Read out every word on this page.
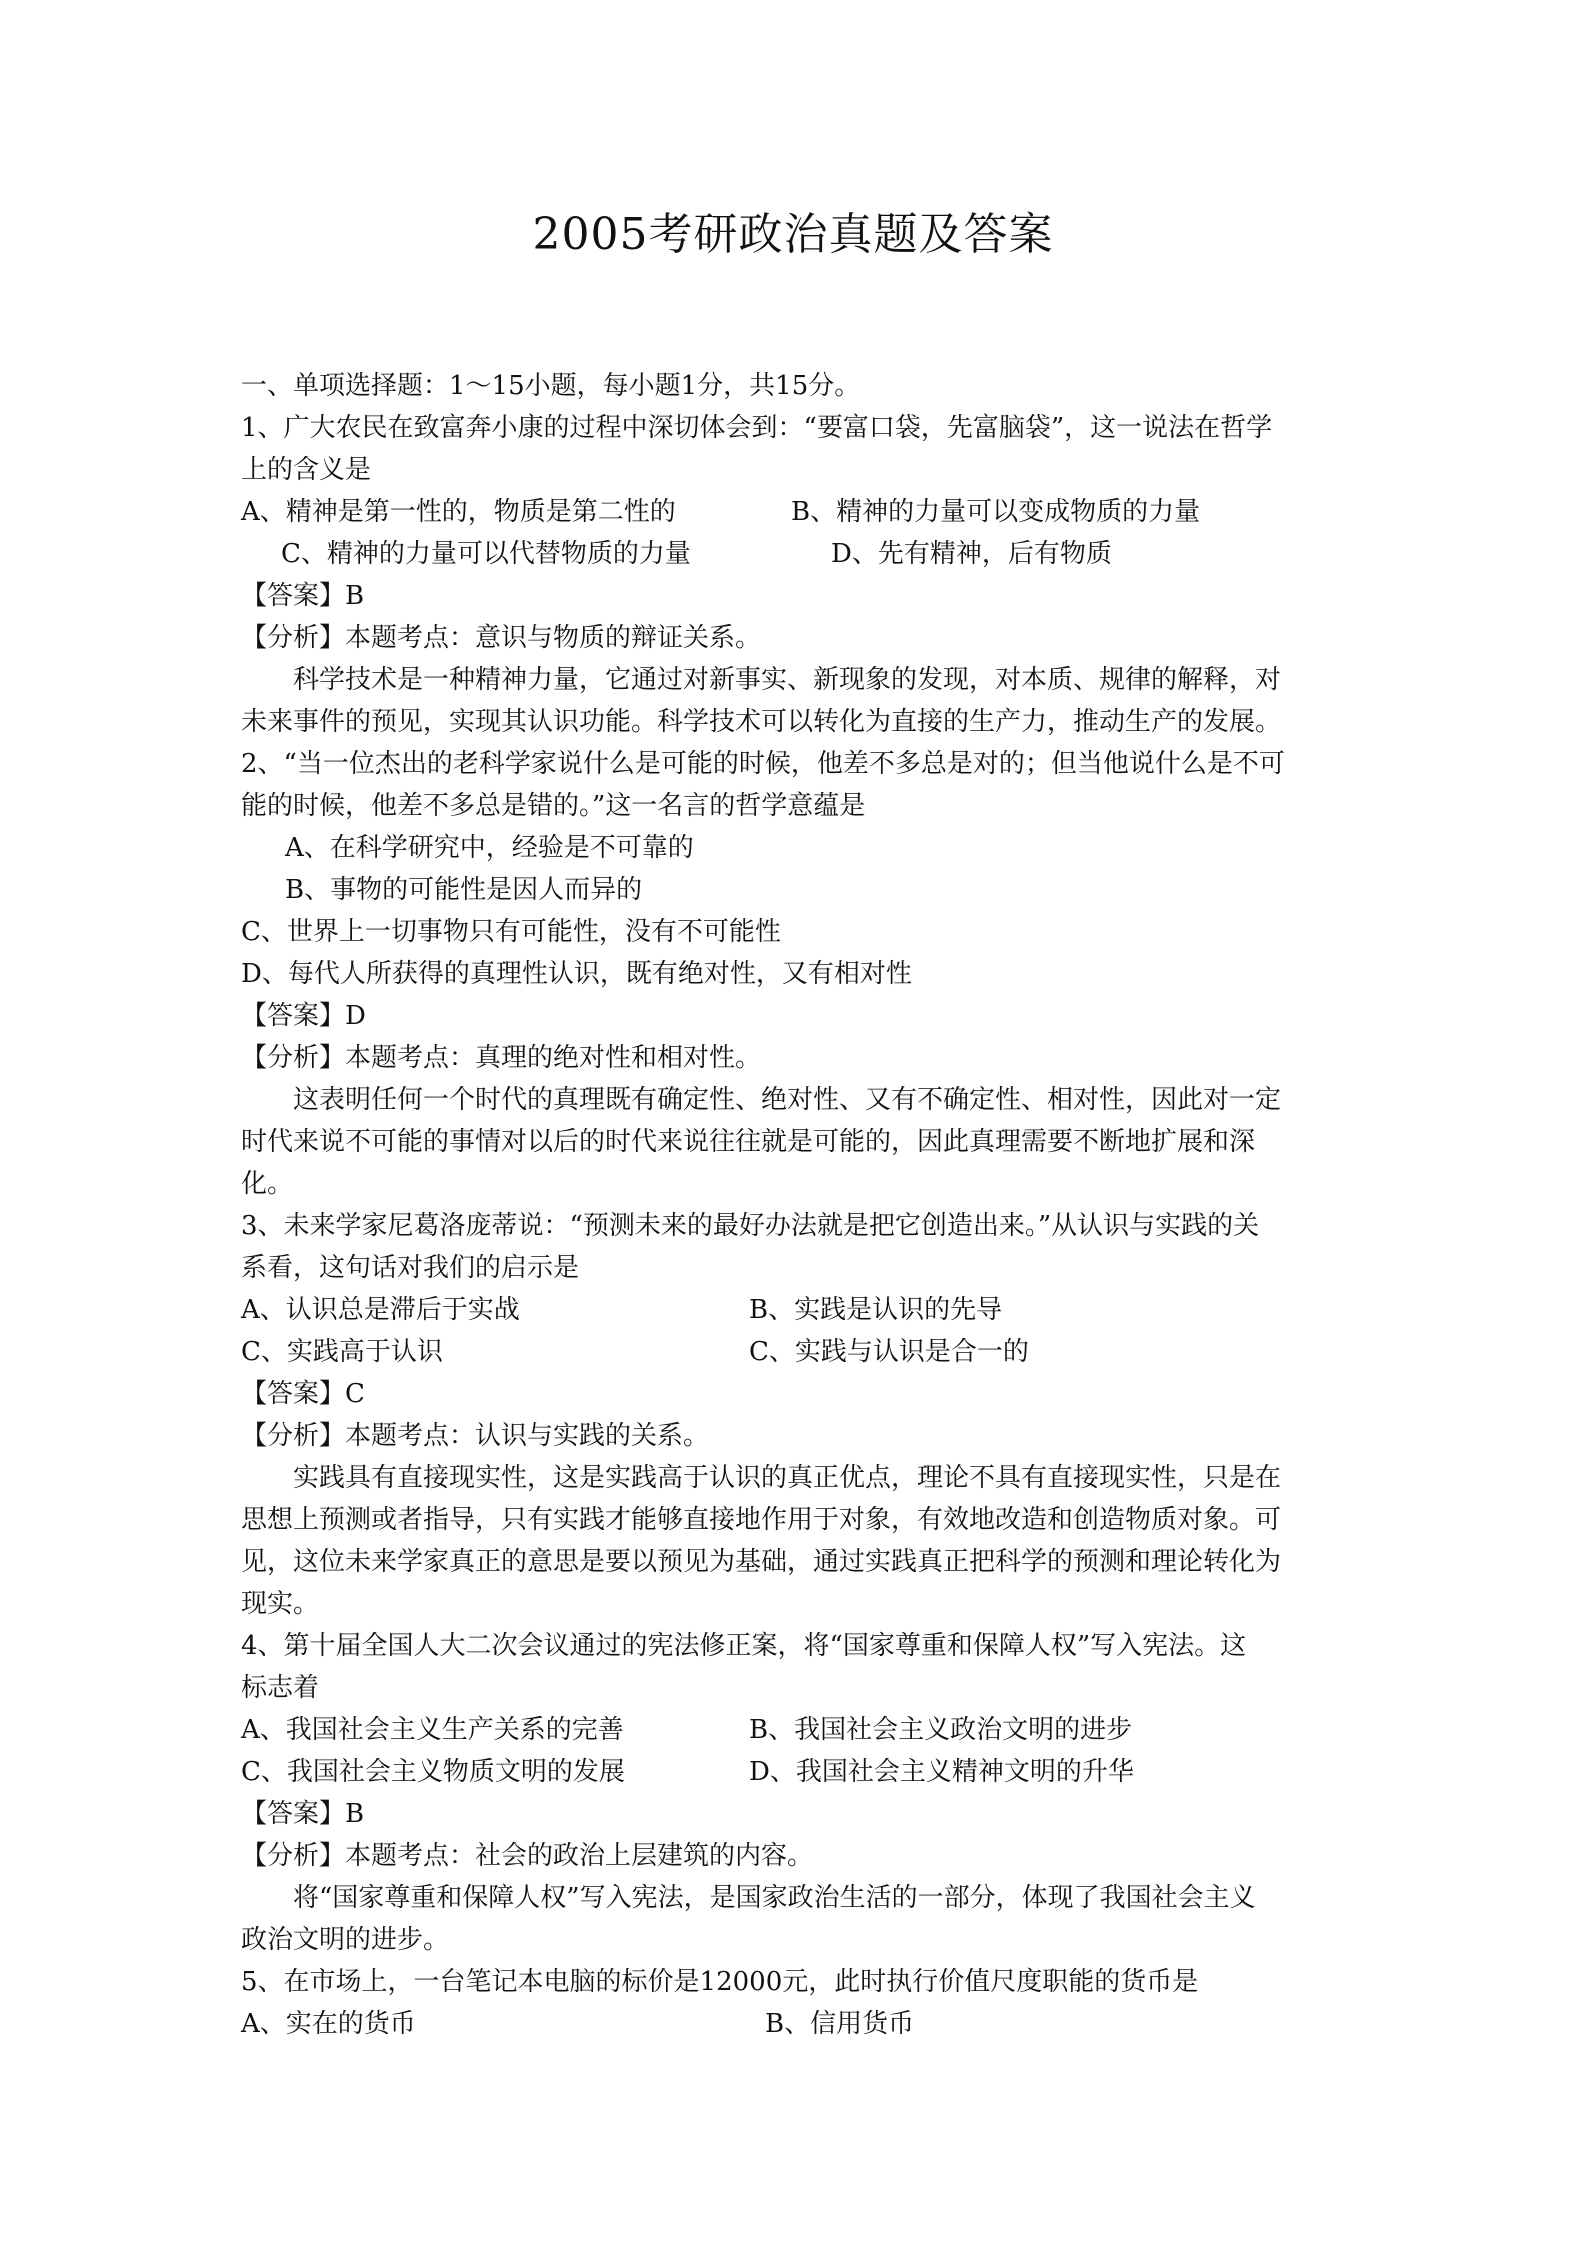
2005考研政治真题及答案
一、单项选择题：1～15小题，每小题1分，共15分。
1、广大农民在致富奔小康的过程中深切体会到：“要富口袋，先富脑袋”，这一说法在哲学
上的含义是
A、精神是第一性的，物质是第二性的	B、精神的力量可以变成物质的力量
C、精神的力量可以代替物质的力量	D、先有精神，后有物质
【答案】B
【分析】本题考点：意识与物质的辩证关系。
科学技术是一种精神力量，它通过对新事实、新现象的发现，对本质、规律的解释，对
未来事件的预见，实现其认识功能。科学技术可以转化为直接的生产力，推动生产的发展。
2、“当一位杰出的老科学家说什么是可能的时候，他差不多总是对的；但当他说什么是不可
能的时候，他差不多总是错的。”这一名言的哲学意蕴是
A、在科学研究中，经验是不可靠的
B、事物的可能性是因人而异的
C、世界上一切事物只有可能性，没有不可能性
D、每代人所获得的真理性认识，既有绝对性，又有相对性
【答案】D
【分析】本题考点：真理的绝对性和相对性。
这表明任何一个时代的真理既有确定性、绝对性、又有不确定性、相对性，因此对一定
时代来说不可能的事情对以后的时代来说往往就是可能的，因此真理需要不断地扩展和深
化。
3、未来学家尼葛洛庞蒂说：“预测未来的最好办法就是把它创造出来。”从认识与实践的关
系看，这句话对我们的启示是
A、认识总是滞后于实战	B、实践是认识的先导
C、实践高于认识	C、实践与认识是合一的
【答案】C
【分析】本题考点：认识与实践的关系。
实践具有直接现实性，这是实践高于认识的真正优点，理论不具有直接现实性，只是在
思想上预测或者指导，只有实践才能够直接地作用于对象，有效地改造和创造物质对象。可
见，这位未来学家真正的意思是要以预见为基础，通过实践真正把科学的预测和理论转化为
现实。
4、第十届全国人大二次会议通过的宪法修正案，将“国家尊重和保障人权”写入宪法。这
标志着
A、我国社会主义生产关系的完善	B、我国社会主义政治文明的进步
C、我国社会主义物质文明的发展	D、我国社会主义精神文明的升华
【答案】B
【分析】本题考点：社会的政治上层建筑的内容。
将“国家尊重和保障人权”写入宪法，是国家政治生活的一部分，体现了我国社会主义
政治文明的进步。
5、在市场上，一台笔记本电脑的标价是12000元，此时执行价值尺度职能的货币是
A、实在的货币	B、信用货币
